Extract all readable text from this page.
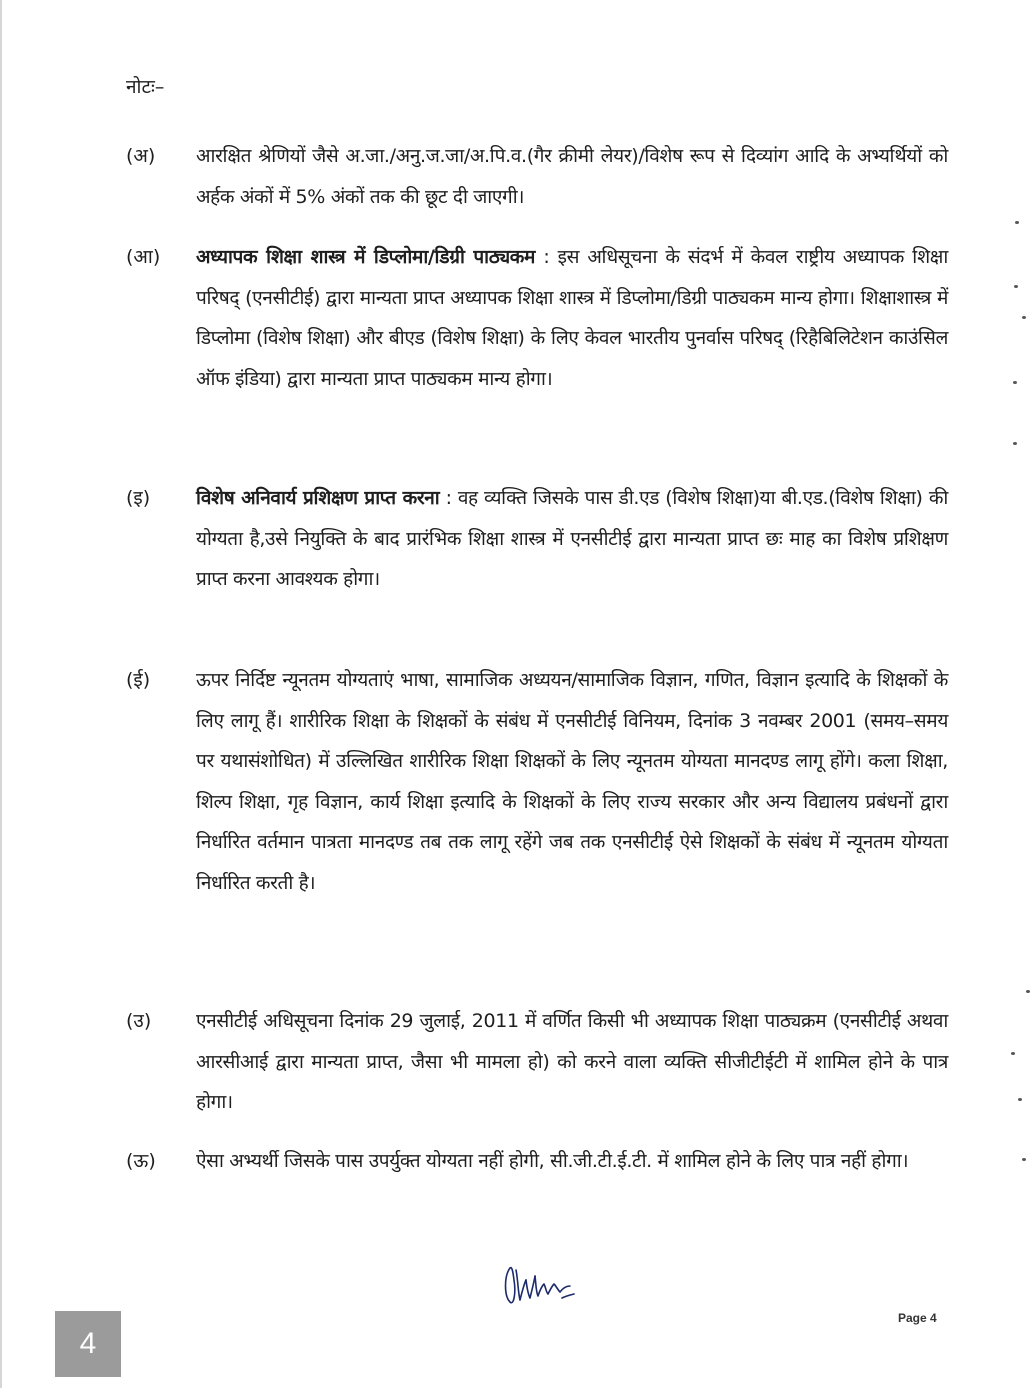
नोटः–
(अ)	आरक्षित श्रेणियों जैसे अ.जा./अनु.ज.जा/अ.पि.व.(गैर क्रीमी लेयर)/विशेष रूप से दिव्यांग आदि के अभ्यर्थियों को अर्हक अंकों में 5% अंकों तक की छूट दी जाएगी।
(आ)	अध्यापक शिक्षा शास्त्र में डिप्लोमा/डिग्री पाठ्यकम : इस अधिसूचना के संदर्भ में केवल राष्ट्रीय अध्यापक शिक्षा परिषद् (एनसीटीई) द्वारा मान्यता प्राप्त अध्यापक शिक्षा शास्त्र में डिप्लोमा/डिग्री पाठ्यकम मान्य होगा। शिक्षाशास्त्र में डिप्लोमा (विशेष शिक्षा) और बीएड (विशेष शिक्षा) के लिए केवल भारतीय पुनर्वास परिषद् (रिहैबिलिटेशन काउंसिल ऑफ इंडिया) द्वारा मान्यता प्राप्त पाठ्यकम मान्य होगा।
(इ)	विशेष अनिवार्य प्रशिक्षण प्राप्त करना : वह व्यक्ति जिसके पास डी.एड (विशेष शिक्षा)या बी.एड.(विशेष शिक्षा) की योग्यता है,उसे नियुक्ति के बाद प्रारंभिक शिक्षा शास्त्र में एनसीटीई द्वारा मान्यता प्राप्त छः माह का विशेष प्रशिक्षण प्राप्त करना आवश्यक होगा।
(ई)	ऊपर निर्दिष्ट न्यूनतम योग्यताएं भाषा, सामाजिक अध्ययन/सामाजिक विज्ञान, गणित, विज्ञान इत्यादि के शिक्षकों के लिए लागू हैं। शारीरिक शिक्षा के शिक्षकों के संबंध में एनसीटीई विनियम, दिनांक 3 नवम्बर 2001 (समय–समय पर यथासंशोधित) में उल्लिखित शारीरिक शिक्षा शिक्षकों के लिए न्यूनतम योग्यता मानदण्ड लागू होंगे। कला शिक्षा, शिल्प शिक्षा, गृह विज्ञान, कार्य शिक्षा इत्यादि के शिक्षकों के लिए राज्य सरकार और अन्य विद्यालय प्रबंधनों द्वारा निर्धारित वर्तमान पात्रता मानदण्ड तब तक लागू रहेंगे जब तक एनसीटीई ऐसे शिक्षकों के संबंध में न्यूनतम योग्यता निर्धारित करती है।
(उ)	एनसीटीई अधिसूचना दिनांक 29 जुलाई, 2011 में वर्णित किसी भी अध्यापक शिक्षा पाठ्यक्रम (एनसीटीई अथवा आरसीआई द्वारा मान्यता प्राप्त, जैसा भी मामला हो) को करने वाला व्यक्ति सीजीटीईटी में शामिल होने के पात्र होगा।
(ऊ)	ऐसा अभ्यर्थी जिसके पास उपर्युक्त योग्यता नहीं होगी, सी.जी.टी.ई.टी. में शामिल होने के लिए पात्र नहीं होगा।
Page 4
4
